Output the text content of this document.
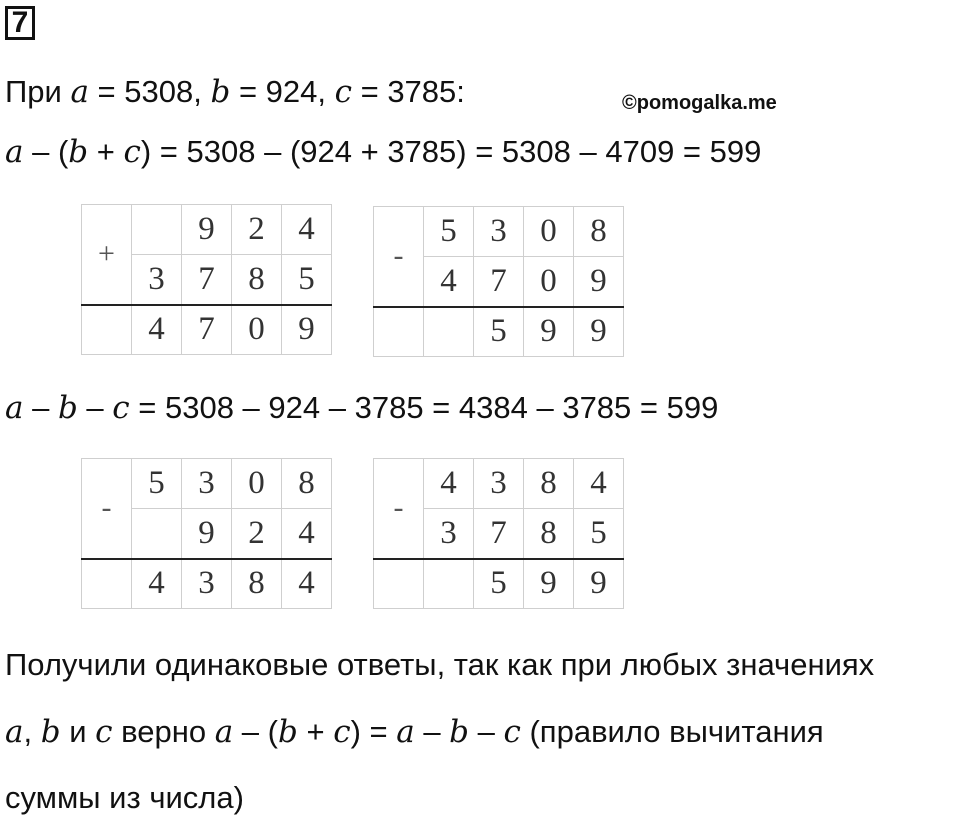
7
При a = 5308, b = 924, c = 3785:	©pomogalka.me
a – (b + c) = 5308 – (924 + 3785) = 5308 – 4709 = 599
+		9	2	4
	3	7	8	5
	4	7	0	9
-	5	3	0	8
	4	7	0	9
		5	9	9
a – b – c = 5308 – 924 – 3785 = 4384 – 3785 = 599
-	5	3	0	8
		9	2	4
	4	3	8	4
-	4	3	8	4
	3	7	8	5
		5	9	9
Получили одинаковые ответы, так как при любых значениях
a, b и c верно a – (b + c) = a – b – c (правило вычитания
суммы из числа)
